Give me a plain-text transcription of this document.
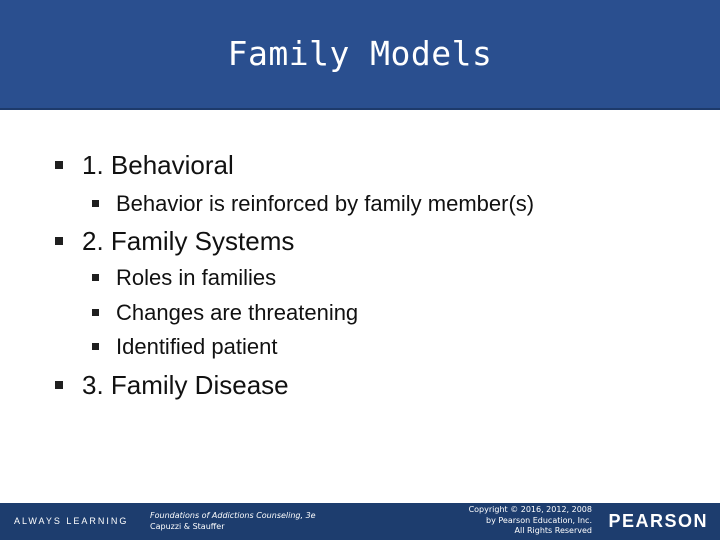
Family Models
1. Behavioral
Behavior is reinforced by family member(s)
2. Family Systems
Roles in families
Changes are threatening
Identified patient
3. Family Disease
ALWAYS LEARNING
Foundations of Addictions Counseling, 3e
Capuzzi & Stauffer
Copyright © 2016, 2012, 2008
by Pearson Education, Inc.
All Rights Reserved PEARSON
